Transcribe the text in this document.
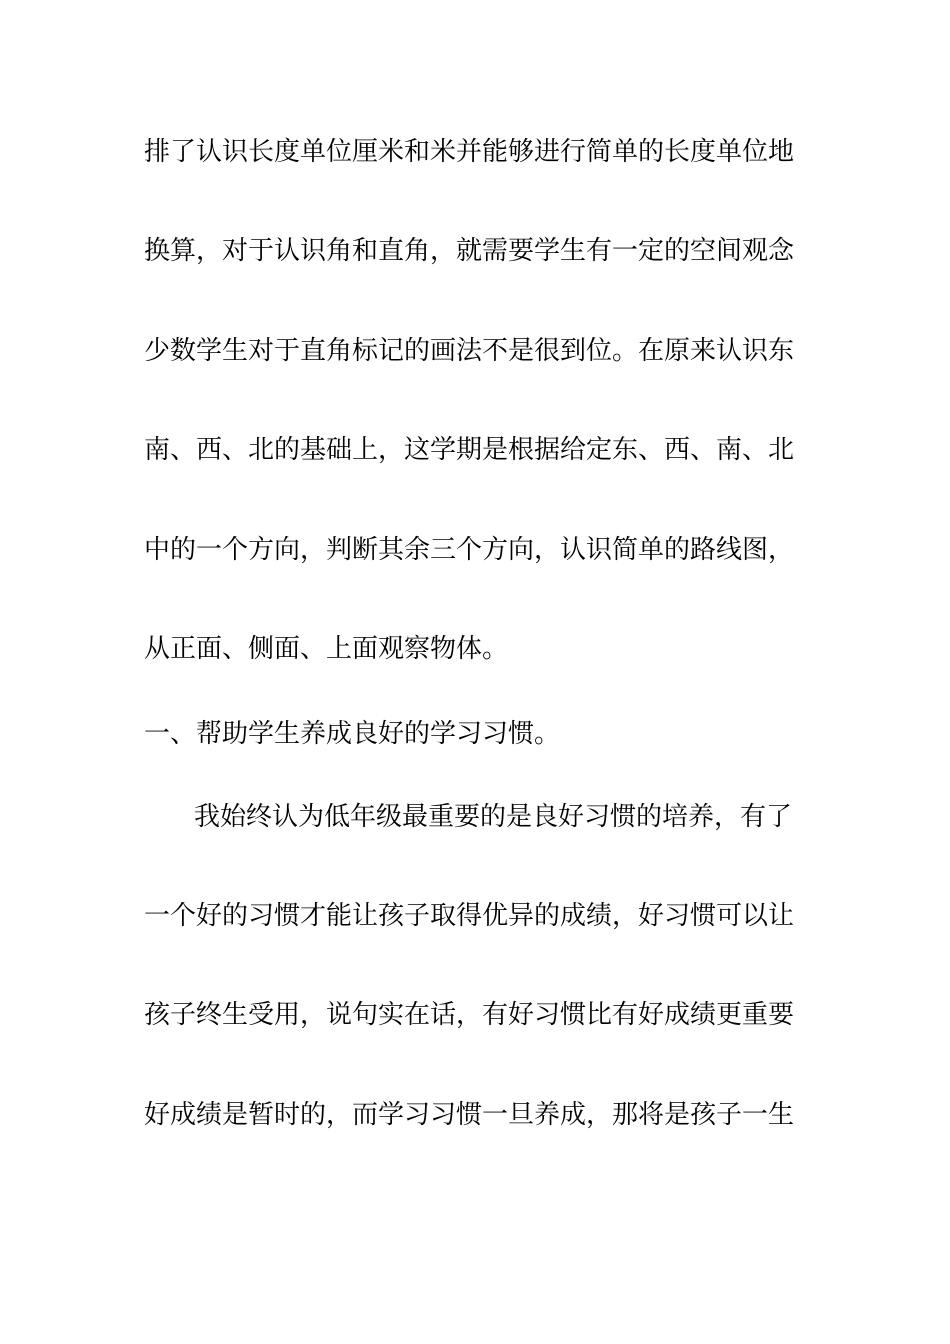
排了认识长度单位厘米和米并能够进行简单的长度单位地
换算，对于认识角和直角，就需要学生有一定的空间观念
少数学生对于直角标记的画法不是很到位。在原来认识东
南、西、北的基础上，这学期是根据给定东、西、南、北
中的一个方向，判断其余三个方向，认识简单的路线图，
从正面、侧面、上面观察物体。
一、帮助学生养成良好的学习习惯。
我始终认为低年级最重要的是良好习惯的培养，有了
一个好的习惯才能让孩子取得优异的成绩，好习惯可以让
孩子终生受用，说句实在话，有好习惯比有好成绩更重要
好成绩是暂时的，而学习习惯一旦养成，那将是孩子一生
